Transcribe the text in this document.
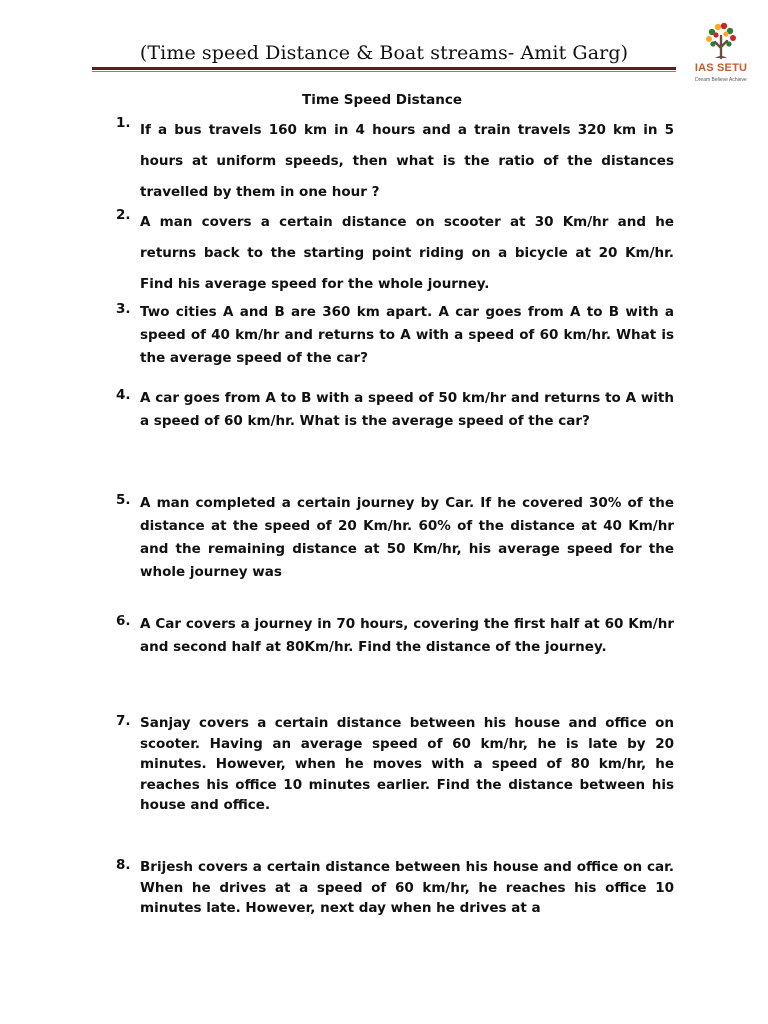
(Time speed Distance & Boat streams- Amit Garg)
IAS SETU
Dream Believe Achieve
Time Speed Distance
1. If a bus travels 160 km in 4 hours and a train travels 320 km in 5 hours at uniform speeds, then what is the ratio of the distances travelled by them in one hour ?
2. A man covers a certain distance on scooter at 30 Km/hr and he returns back to the starting point riding on a bicycle at 20 Km/hr. Find his average speed for the whole journey.
3. Two cities A and B are 360 km apart. A car goes from A to B with a speed of 40 km/hr and returns to A with a speed of 60 km/hr. What is the average speed of the car?
4. A car goes from A to B with a speed of 50 km/hr and returns to A with a speed of 60 km/hr. What is the average speed of the car?
5. A man completed a certain journey by Car. If he covered 30% of the distance at the speed of 20 Km/hr. 60% of the distance at 40 Km/hr and the remaining distance at 50 Km/hr, his average speed for the whole journey was
6. A Car covers a journey in 70 hours, covering the first half at 60 Km/hr and second half at 80Km/hr. Find the distance of the journey.
7. Sanjay covers a certain distance between his house and office on scooter. Having an average speed of 60 km/hr, he is late by 20 minutes. However, when he moves with a speed of 80 km/hr, he reaches his office 10 minutes earlier. Find the distance between his house and office.
8. Brijesh covers a certain distance between his house and office on car. When he drives at a speed of 60 km/hr, he reaches his office 10 minutes late. However, next day when he drives at a
